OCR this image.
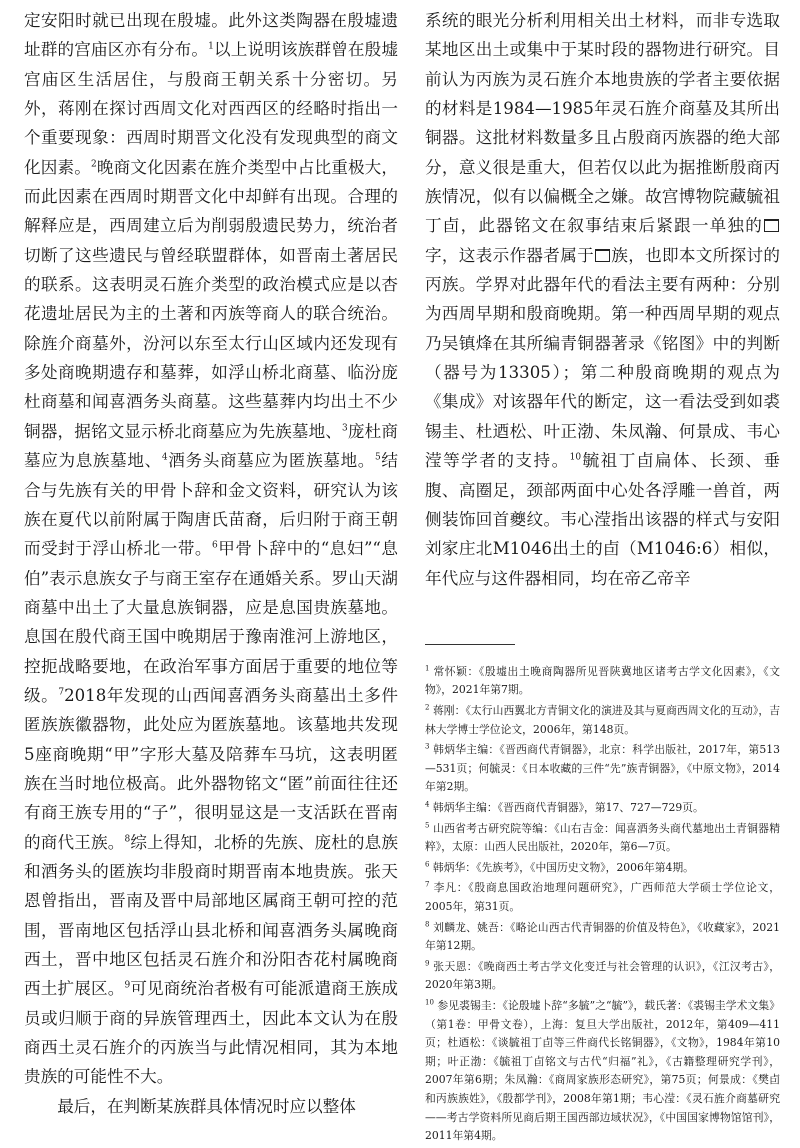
定安阳时就已出现在殷墟。此外这类陶器在殷墟遗址群的宫庙区亦有分布。$^1$以上说明该族群曾在殷墟宫庙区生活居住，与殷商王朝关系十分密切。另外，蒋刚在探讨西周文化对西西区的经略时指出一个重要现象：西周时期晋文化没有发现典型的商文化因素。$^2$晚商文化因素在旌介类型中占比重极大，而此因素在西周时期晋文化中却鲜有出现。合理的解释应是，西周建立后为削弱殷遗民势力，统治者切断了这些遗民与曾经联盟群体，如晋南土著居民的联系。这表明灵石旌介类型的政治模式应是以杏花遗址居民为主的土著和丙族等商人的联合统治。除旌介商墓外，汾河以东至太行山区域内还发现有多处商晚期遗存和墓葬，如浮山桥北商墓、临汾庞杜商墓和闻喜酒务头商墓。这些墓葬内均出土不少铜器，据铭文显示桥北商墓应为先族墓地、$^3$庞杜商墓应为息族墓地、$^4$酒务头商墓应为匿族墓地。$^5$结合与先族有关的甲骨卜辞和金文资料，研究认为该族在夏代以前附属于陶唐氏苗裔，后归附于商王朝而受封于浮山桥北一带。$^6$甲骨卜辞中的“息妇”“息伯”表示息族女子与商王室存在通婚关系。罗山天湖商墓中出土了大量息族铜器，应是息国贵族墓地。息国在殷代商王国中晚期居于豫南淮河上游地区，控扼战略要地，在政治军事方面居于重要的地位等级。$^7$2018年发现的山西闻喜酒务头商墓出土多件匿族族徽器物，此处应为匿族墓地。该墓地共发现5座商晚期“甲”字形大墓及陪葬车马坑，这表明匿族在当时地位极高。此外器物铭文“匿”前面往往还有商王族专用的“子”，很明显这是一支活跃在晋南的商代王族。$^8$综上得知，北桥的先族、庞杜的息族和酒务头的匿族均非殷商时期晋南本地贵族。张天恩曾指出，晋南及晋中局部地区属商王朝可控的范围，晋南地区包括浮山县北桥和闻喜酒务头属晚商西土，晋中地区包括灵石旌介和汾阳杏花村属晚商西土扩展区。$^9$可见商统治者极有可能派遣商王族成员或归顺于商的异族管理西土，因此本文认为在殷商西土灵石旌介的丙族当与此情况相同，其为本地贵族的可能性不大。

最后，在判断某族群具体情况时应以整体

系统的眼光分析利用相关出土材料，而非专选取某地区出土或集中于某时段的器物进行研究。目前认为丙族为灵石旌介本地贵族的学者主要依据的材料是1984—1985年灵石旌介商墓及其所出铜器。这批材料数量多且占殷商丙族器的绝大部分，意义很是重大，但若仅以此为据推断殷商丙族情况，似有以偏概全之嫌。故宫博物院藏毓祖丁卣，此器铭文在叙事结束后紧跟一单独的字，这表示作器者属于 族，也即本文所探讨的丙族。学界对此器年代的看法主要有两种：分别为西周早期和殷商晚期。第一种西周早期的观点乃吴镇烽在其所编青铜器著录《铭图》中的判断（器号为13305）；第二种殷商晚期的观点为《集成》对该器年代的断定，这一看法受到如裘锡圭、杜迺松、叶正渤、朱凤瀚、何景成、韦心滢等学者的支持。$^{10}$毓祖丁卣扁体、长颈、垂腹、高圈足，颈部两面中心处各浮雕一兽首，两侧装饰回首夔纹。韦心滢指出该器的样式与安阳刘家庄北M1046出土的卣（M1046:6）相似，年代应与这件器相同，均在帝乙帝辛

$^1$ 常怀颖：《殷墟出土晚商陶器所见晋陕冀地区诸考古学文化因素》，《文物》，2021年第7期。

$^2$ 蒋刚：《太行山西翼北方青铜文化的演进及其与夏商西周文化的互动》，吉林大学博士学位论文，2006年，第148页。

$^3$ 韩炳华主编：《晋西商代青铜器》，北京：科学出版社，2017年，第513—531页；何毓灵：《日本收藏的三件“先”族青铜器》，《中原文物》，2014年第2期。

$^4$ 韩炳华主编：《晋西商代青铜器》，第17、727—729页。

$^5$ 山西省考古研究院等编：《山右吉金：闻喜酒务头商代墓地出土青铜器精粹》，太原：山西人民出版社，2020年，第6—7页。

$^6$ 韩炳华：《先族考》，《中国历史文物》，2006年第4期。

$^7$ 李凡：《殷商息国政治地理问题研究》，广西师范大学硕士学位论文，2005年，第31页。

$^8$ 刘麟龙、姚吾：《略论山西古代青铜器的价值及特色》，《收藏家》，2021年第12期。

$^9$ 张天恩：《晚商西土考古学文化变迁与社会管理的认识》，《江汉考古》，2020年第3期。

$^{10}$ 参见裘锡圭：《论殷墟卜辞“多毓”之“毓”》，载氏著：《裘锡圭学术文集》（第1卷：甲骨文卷），上海：复旦大学出版社，2012年，第409—411页；杜迺松：《谈毓祖丁卣等三件商代长铭铜器》，《文物》，1984年第10期；叶正渤：《毓祖丁卣铭文与古代“归福”礼》，《古籍整理研究学刊》，2007年第6期；朱凤瀚：《商周家族形态研究》，第75页；何景成：《樊卣和丙族族姓》，《殷都学刊》，2008年第1期；韦心滢：《灵石旌介商墓研究——考古学资料所见商后期王国西部边域状况》，《中国国家博物馆馆刊》，2011年第4期。
